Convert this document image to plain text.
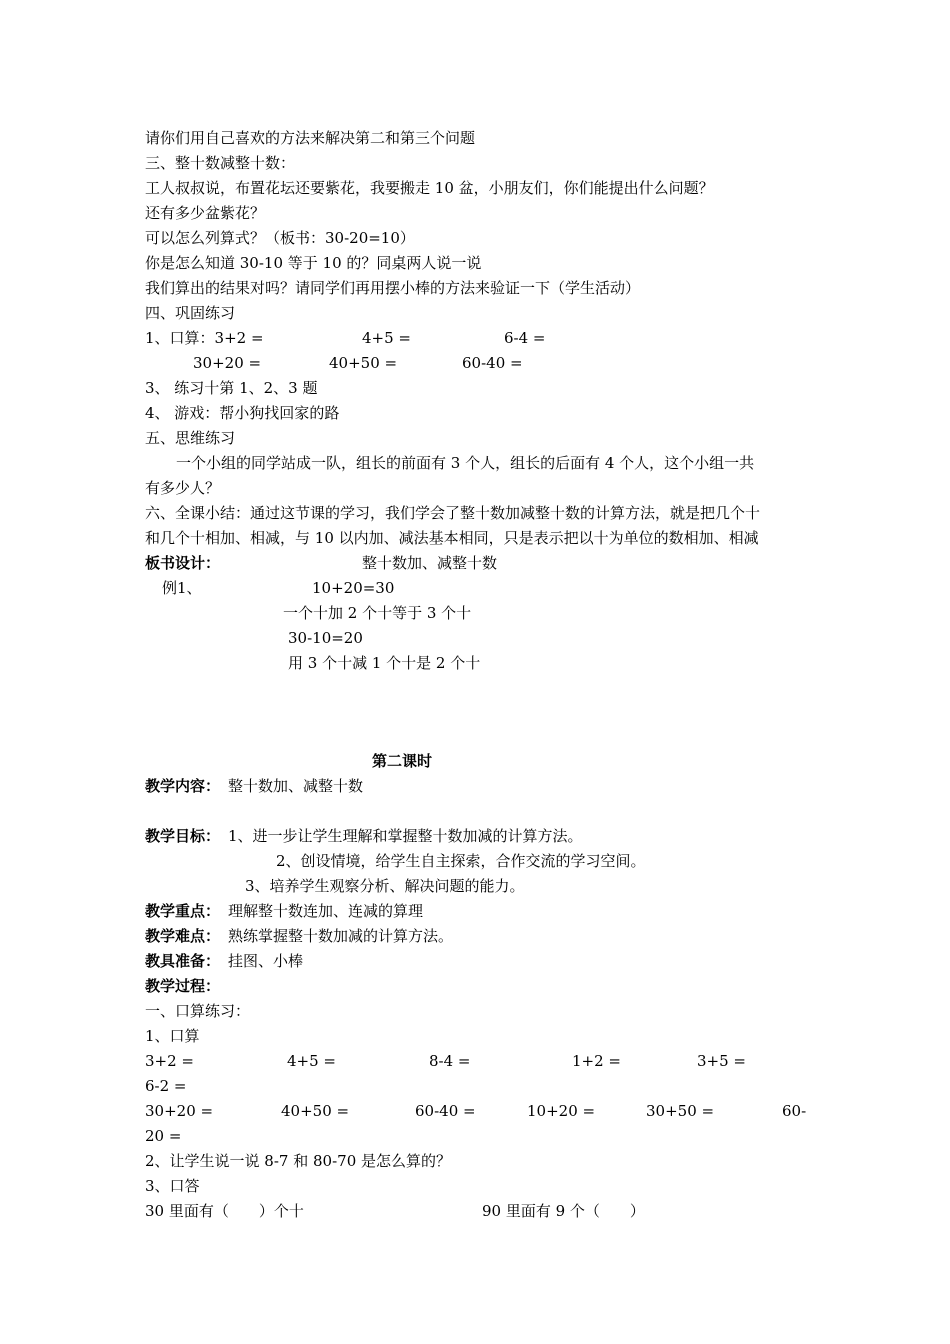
请你们用自己喜欢的方法来解决第二和第三个问题
三、整十数减整十数：
工人叔叔说，布置花坛还要紫花，我要搬走 10 盆，小朋友们，你们能提出什么问题？
还有多少盆紫花？
可以怎么列算式？（板书：30-20=10）
你是怎么知道 30-10 等于 10 的？同桌两人说一说
我们算出的结果对吗？请同学们再用摆小棒的方法来验证一下（学生活动）
四、巩固练习
1、口算：3+2 =	4+5 =	6-4 =
30+20 =	40+50 =	60-40 =
3、 练习十第 1、2、3 题
4、 游戏：帮小狗找回家的路
五、思维练习
一个小组的同学站成一队，组长的前面有 3 个人，组长的后面有 4 个人，这个小组一共
有多少人？
六、全课小结：通过这节课的学习，我们学会了整十数加减整十数的计算方法，就是把几个十
和几个十相加、相减，与 10 以内加、减法基本相同，只是表示把以十为单位的数相加、相减
板书设计：	整十数加、减整十数
例1、	10+20=30
一个十加 2 个十等于 3 个十
30-10=20
用 3 个十减 1 个十是 2 个十
第二课时
教学内容： 整十数加、减整十数
教学目标： 1、进一步让学生理解和掌握整十数加减的计算方法。
2、创设情境，给学生自主探索，合作交流的学习空间。
3、培养学生观察分析、解决问题的能力。
教学重点： 理解整十数连加、连减的算理
教学难点： 熟练掌握整十数加减的计算方法。
教具准备： 挂图、小棒
教学过程：
一、口算练习：
1、口算
3+2 =	4+5 =	8-4 =	1+2 =	3+5 =
6-2 =
30+20 =	40+50 =	60-40 =	10+20 =	30+50 =	60-
20 =
2、让学生说一说 8-7 和 80-70 是怎么算的？
3、口答
30 里面有（　　）个十	90 里面有 9 个（　　）
